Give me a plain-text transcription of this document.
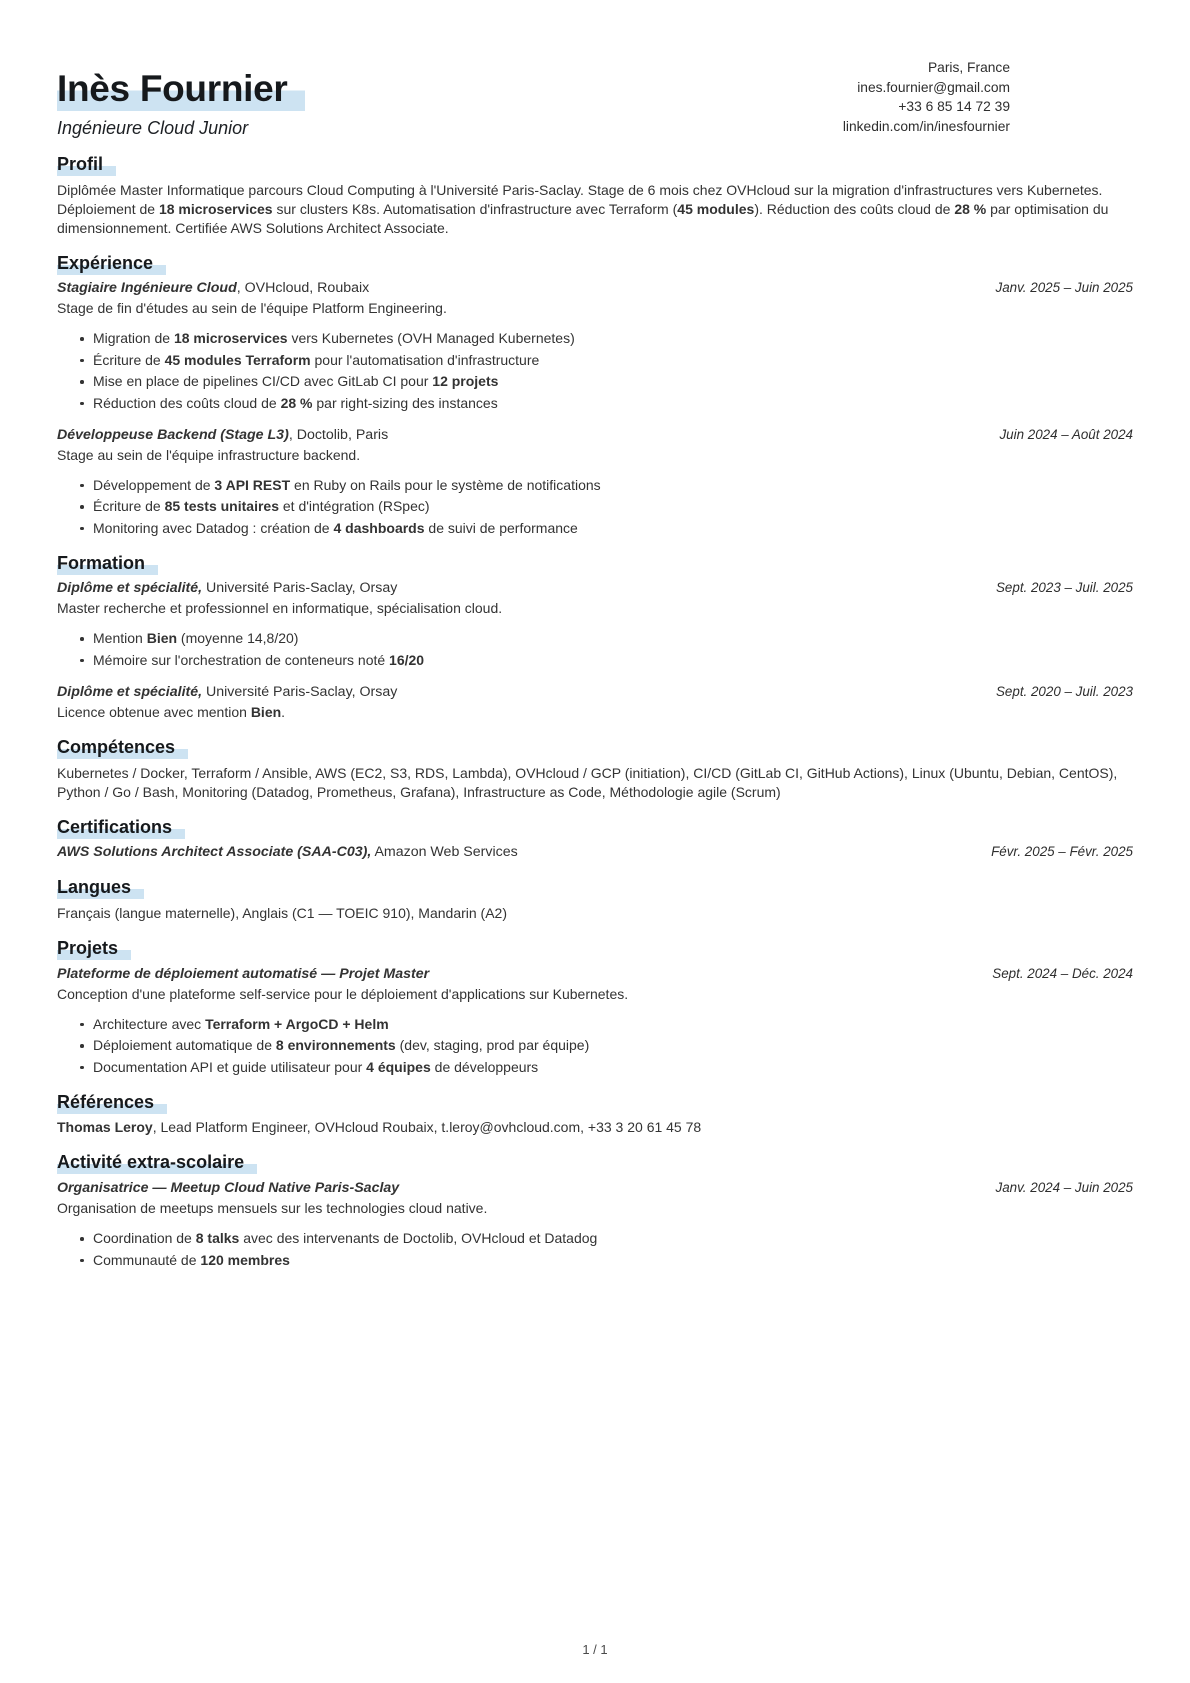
Inès Fournier
Ingénieure Cloud Junior
Paris, France
ines.fournier@gmail.com
+33 6 85 14 72 39
linkedin.com/in/inesfournier
Profil

Diplômée Master Informatique parcours Cloud Computing à l'Université Paris-Saclay. Stage de 6 mois chez OVHcloud sur la migration d'infrastructures vers Kubernetes. Déploiement de 18 microservices sur clusters K8s. Automatisation d'infrastructure avec Terraform (45 modules). Réduction des coûts cloud de 28 % par optimisation du dimensionnement. Certifiée AWS Solutions Architect Associate.

Expérience
Stagiaire Ingénieure Cloud, OVHcloud, Roubaix	Janv. 2025 – Juin 2025
Stage de fin d'études au sein de l'équipe Platform Engineering.
Migration de 18 microservices vers Kubernetes (OVH Managed Kubernetes)
Écriture de 45 modules Terraform pour l'automatisation d'infrastructure
Mise en place de pipelines CI/CD avec GitLab CI pour 12 projets
Réduction des coûts cloud de 28 % par right-sizing des instances
Développeuse Backend (Stage L3), Doctolib, Paris	Juin 2024 – Août 2024
Stage au sein de l'équipe infrastructure backend.
Développement de 3 API REST en Ruby on Rails pour le système de notifications
Écriture de 85 tests unitaires et d'intégration (RSpec)
Monitoring avec Datadog : création de 4 dashboards de suivi de performance
Formation
Diplôme et spécialité, Université Paris-Saclay, Orsay	Sept. 2023 – Juil. 2025
Master recherche et professionnel en informatique, spécialisation cloud.
Mention Bien (moyenne 14,8/20)
Mémoire sur l'orchestration de conteneurs noté 16/20
Diplôme et spécialité, Université Paris-Saclay, Orsay	Sept. 2020 – Juil. 2023
Licence obtenue avec mention Bien.
Compétences

Kubernetes / Docker, Terraform / Ansible, AWS (EC2, S3, RDS, Lambda), OVHcloud / GCP (initiation), CI/CD (GitLab CI, GitHub Actions), Linux (Ubuntu, Debian, CentOS), Python / Go / Bash, Monitoring (Datadog, Prometheus, Grafana), Infrastructure as Code, Méthodologie agile (Scrum)

Certifications
AWS Solutions Architect Associate (SAA-C03), Amazon Web Services	Févr. 2025 – Févr. 2025
Langues

Français (langue maternelle), Anglais (C1 — TOEIC 910), Mandarin (A2)

Projets
Plateforme de déploiement automatisé — Projet Master	Sept. 2024 – Déc. 2024
Conception d'une plateforme self-service pour le déploiement d'applications sur Kubernetes.
Architecture avec Terraform + ArgoCD + Helm
Déploiement automatique de 8 environnements (dev, staging, prod par équipe)
Documentation API et guide utilisateur pour 4 équipes de développeurs
Références

Thomas Leroy, Lead Platform Engineer, OVHcloud Roubaix, t.leroy@ovhcloud.com, +33 3 20 61 45 78

Activité extra-scolaire
Organisatrice — Meetup Cloud Native Paris-Saclay	Janv. 2024 – Juin 2025
Organisation de meetups mensuels sur les technologies cloud native.
Coordination de 8 talks avec des intervenants de Doctolib, OVHcloud et Datadog
Communauté de 120 membres
1 / 1
